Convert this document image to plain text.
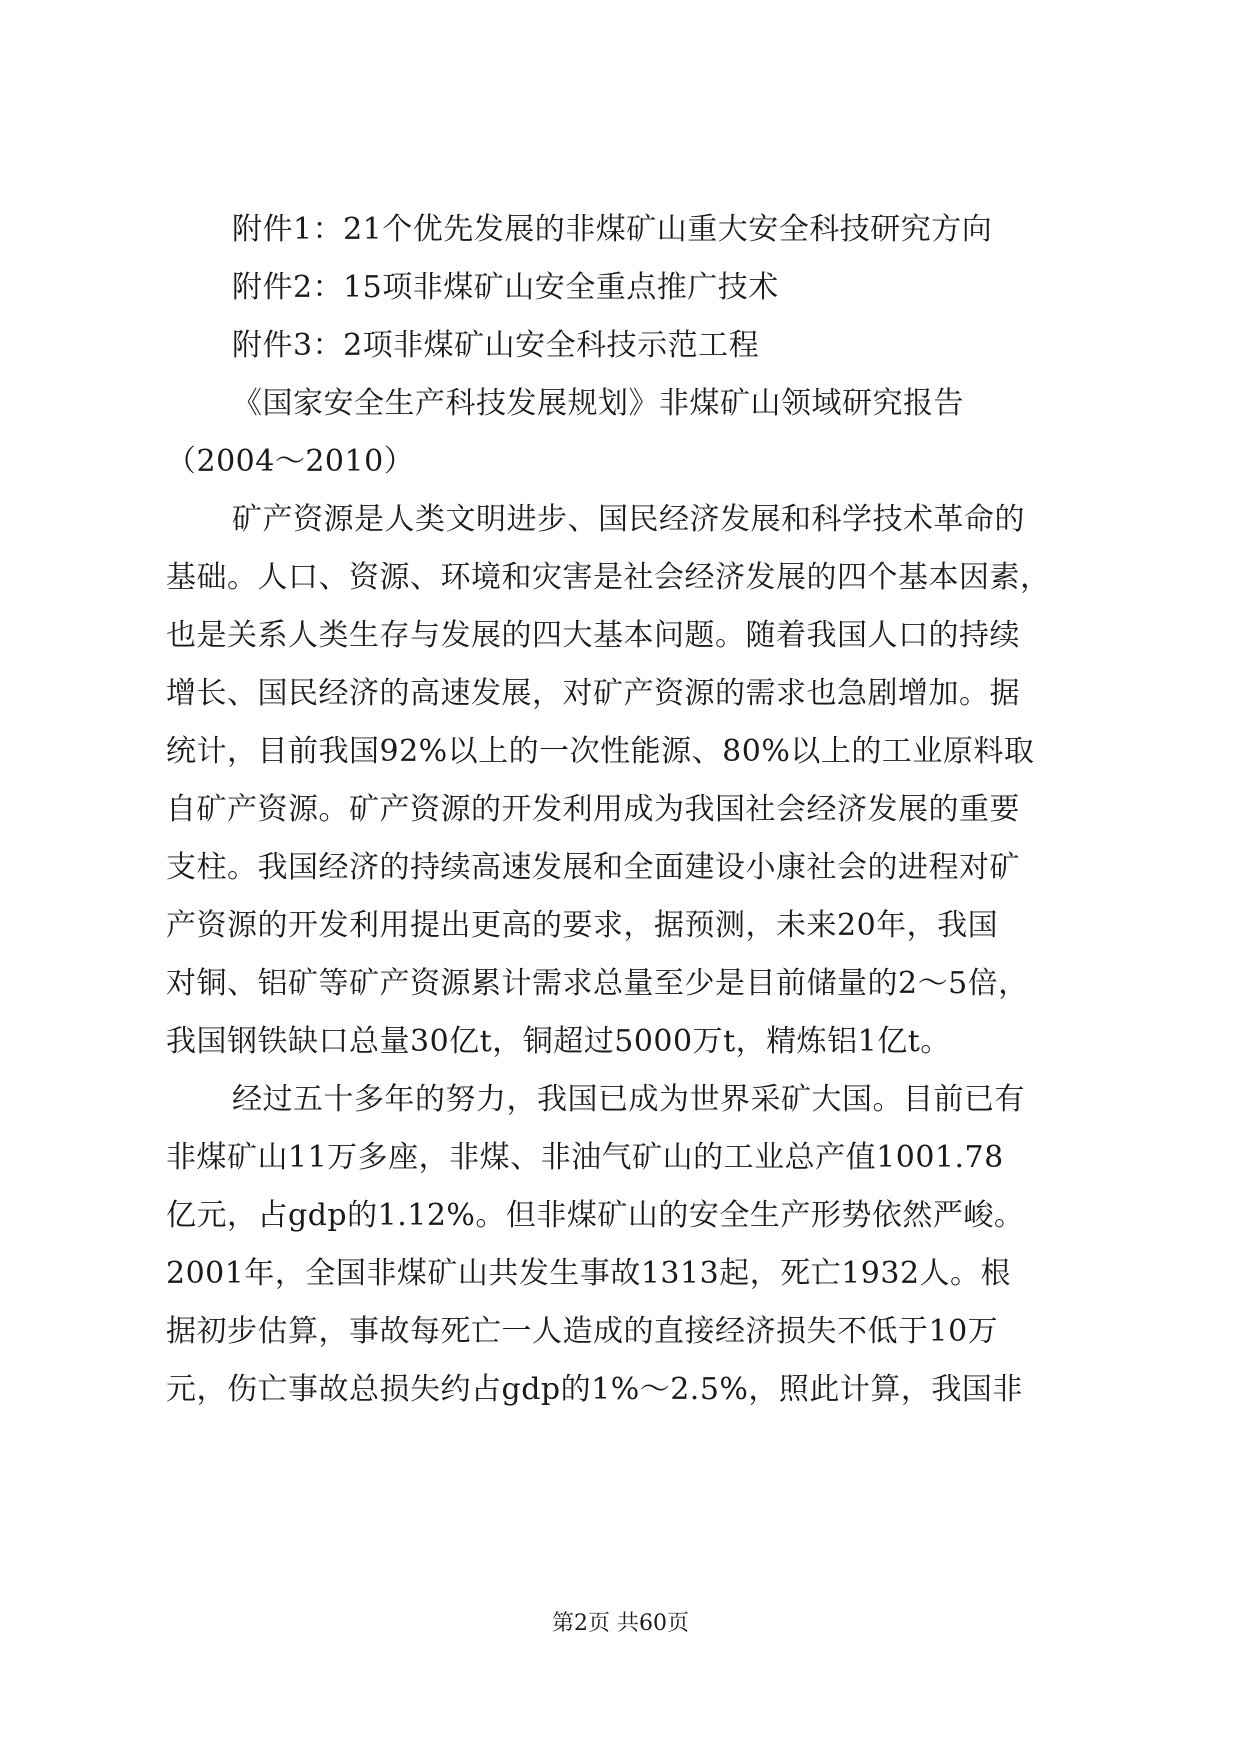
附件1：21个优先发展的非煤矿山重大安全科技研究方向
附件2：15项非煤矿山安全重点推广技术
附件3：2项非煤矿山安全科技示范工程
《国家安全生产科技发展规划》非煤矿山领域研究报告
（2004～2010）
矿产资源是人类文明进步、国民经济发展和科学技术革命的
基础。人口、资源、环境和灾害是社会经济发展的四个基本因素，
也是关系人类生存与发展的四大基本问题。随着我国人口的持续
增长、国民经济的高速发展，对矿产资源的需求也急剧增加。据
统计，目前我国92%以上的一次性能源、80%以上的工业原料取
自矿产资源。矿产资源的开发利用成为我国社会经济发展的重要
支柱。我国经济的持续高速发展和全面建设小康社会的进程对矿
产资源的开发利用提出更高的要求，据预测，未来20年，我国
对铜、铝矿等矿产资源累计需求总量至少是目前储量的2～5倍，
我国钢铁缺口总量30亿t，铜超过5000万t，精炼铝1亿t。
经过五十多年的努力，我国已成为世界采矿大国。目前已有
非煤矿山11万多座，非煤、非油气矿山的工业总产值1001.78
亿元，占gdp的1.12%。但非煤矿山的安全生产形势依然严峻。
2001年，全国非煤矿山共发生事故1313起，死亡1932人。根
据初步估算，事故每死亡一人造成的直接经济损失不低于10万
元，伤亡事故总损失约占gdp的1%～2.5%，照此计算，我国非
第2页 共60页
